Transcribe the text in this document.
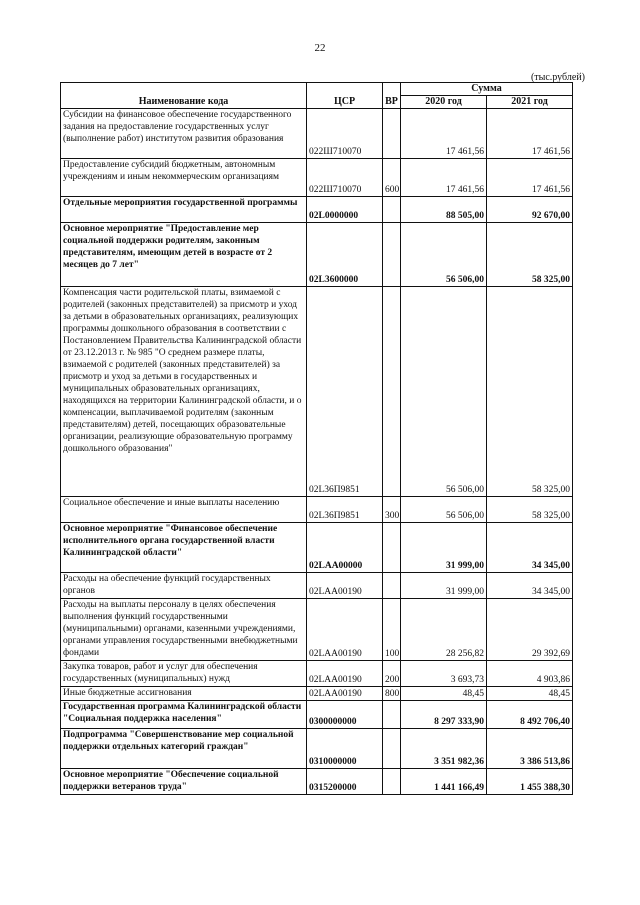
22
(тыс.рублей)
Наименование кода	ЦСР	ВР	Сумма	
			2020 год	2021 год
Субсидии на финансовое обеспечение государственного задания на предоставление государственных услуг (выполнение работ) институтом развития образования	022Ш710070		17 461,56	17 461,56
Предоставление субсидий бюджетным, автономным учреждениям и иным некоммерческим организациям	022Ш710070	600	17 461,56	17 461,56
Отдельные мероприятия государственной программы	02L0000000		88 505,00	92 670,00
Основное мероприятие "Предоставление мер социальной поддержки родителям, законным представителям, имеющим детей в возрасте от 2 месяцев до 7 лет"	02L3600000		56 506,00	58 325,00
Компенсация части родительской платы, взимаемой с родителей (законных представителей) за присмотр и уход за детьми в образовательных организациях, реализующих программы дошкольного образования в соответствии с Постановлением Правительства Калининградской области от 23.12.2013 г. № 985 "О среднем размере платы, взимаемой с родителей (законных представителей) за присмотр и уход за детьми в государственных и муниципальных образовательных организациях, находящихся на территории Калининградской области, и о компенсации, выплачиваемой родителям (законным представителям) детей, посещающих образовательные организации, реализующие образовательную программу дошкольного образования"	02L36П9851		56 506,00	58 325,00
Социальное обеспечение и иные выплаты населению	02L36П9851	300	56 506,00	58 325,00
Основное мероприятие "Финансовое обеспечение исполнительного органа государственной власти Калининградской области"	02LAA00000		31 999,00	34 345,00
Расходы на обеспечение функций государственных органов	02LAA00190		31 999,00	34 345,00
Расходы на выплаты персоналу в целях обеспечения выполнения функций государственными (муниципальными) органами, казенными учреждениями, органами управления государственными внебюджетными фондами	02LAA00190	100	28 256,82	29 392,69
Закупка товаров, работ и услуг для обеспечения государственных (муниципальных) нужд	02LAA00190	200	3 693,73	4 903,86
Иные бюджетные ассигнования	02LAA00190	800	48,45	48,45
Государственная программа Калининградской области "Социальная поддержка населения"	0300000000		8 297 333,90	8 492 706,40
Подпрограмма "Совершенствование мер социальной поддержки отдельных категорий граждан"	0310000000		3 351 982,36	3 386 513,86
Основное мероприятие "Обеспечение социальной поддержки ветеранов труда"	0315200000		1 441 166,49	1 455 388,30
